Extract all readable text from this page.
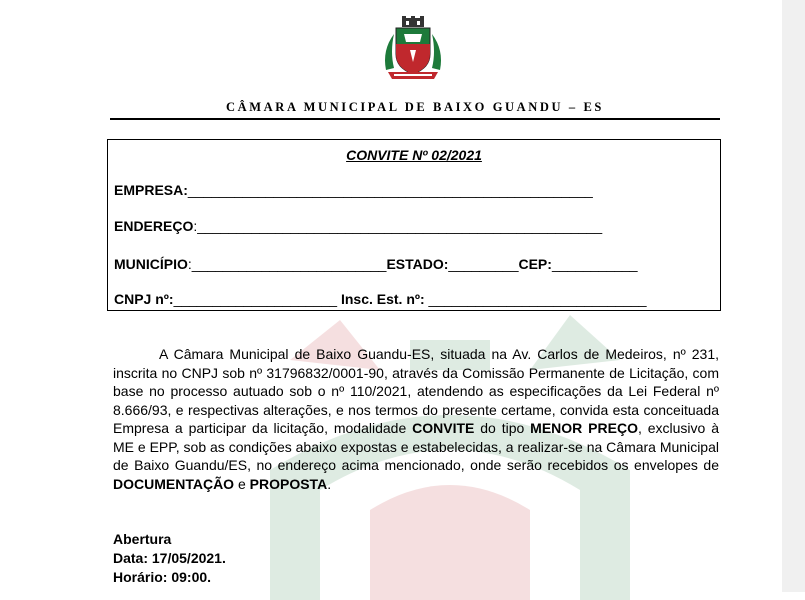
CÂMARA MUNICIPAL DE BAIXO GUANDU – ES
CONVITE Nº 02/2021
EMPRESA:____________________________________________________
ENDEREÇO:____________________________________________________
MUNICÍPIO:_________________________ESTADO:_________CEP:___________
CNPJ nº:_____________________ Insc. Est. nº: ____________________________
A Câmara Municipal de Baixo Guandu-ES, situada na Av. Carlos de Medeiros, nº 231, inscrita no CNPJ sob nº 31796832/0001-90, através da Comissão Permanente de Licitação, com base no processo autuado sob o nº 110/2021, atendendo as especificações da Lei Federal nº 8.666/93, e respectivas alterações, e nos termos do presente certame, convida esta conceituada Empresa a participar da licitação, modalidade CONVITE do tipo MENOR PREÇO, exclusivo à ME e EPP, sob as condições abaixo expostas e estabelecidas, a realizar-se na Câmara Municipal de Baixo Guandu/ES, no endereço acima mencionado, onde serão recebidos os envelopes de DOCUMENTAÇÃO e PROPOSTA.
Abertura
Data: 17/05/2021.
Horário: 09:00.
